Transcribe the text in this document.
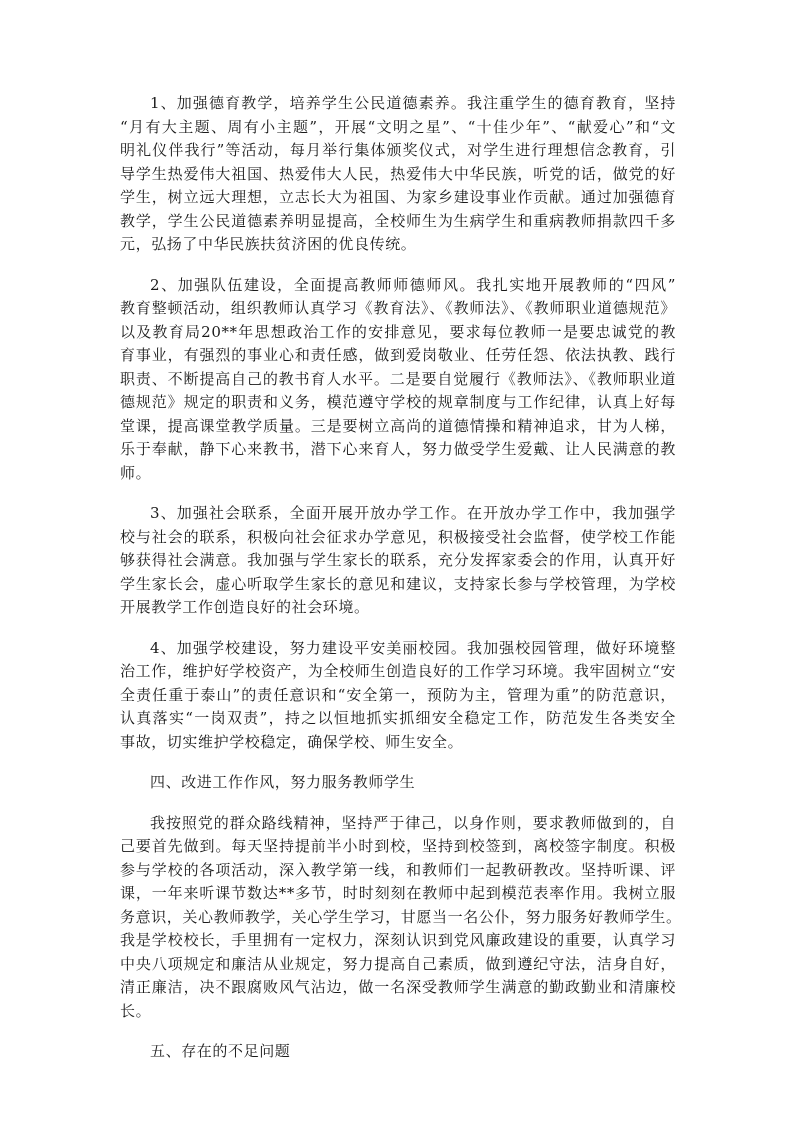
1、加强德育教学，培养学生公民道德素养。我注重学生的德育教育，坚持
“月有大主题、周有小主题”，开展“文明之星”、“十佳少年”、“献爱心”和“文
明礼仪伴我行”等活动，每月举行集体颁奖仪式，对学生进行理想信念教育，引
导学生热爱伟大祖国、热爱伟大人民，热爱伟大中华民族，听党的话，做党的好
学生，树立远大理想，立志长大为祖国、为家乡建设事业作贡献。通过加强德育
教学，学生公民道德素养明显提高，全校师生为生病学生和重病教师捐款四千多
元，弘扬了中华民族扶贫济困的优良传统。
2、加强队伍建设，全面提高教师师德师风。我扎实地开展教师的“四风”
教育整顿活动，组织教师认真学习《教育法》、《教师法》、《教师职业道德规范》
以及教育局20**年思想政治工作的安排意见，要求每位教师一是要忠诚党的教
育事业，有强烈的事业心和责任感，做到爱岗敬业、任劳任怨、依法执教、践行
职责、不断提高自己的教书育人水平。二是要自觉履行《教师法》、《教师职业道
德规范》规定的职责和义务，模范遵守学校的规章制度与工作纪律，认真上好每
堂课，提高课堂教学质量。三是要树立高尚的道德情操和精神追求，甘为人梯，
乐于奉献，静下心来教书，潜下心来育人，努力做受学生爱戴、让人民满意的教
师。
3、加强社会联系，全面开展开放办学工作。在开放办学工作中，我加强学
校与社会的联系，积极向社会征求办学意见，积极接受社会监督，使学校工作能
够获得社会满意。我加强与学生家长的联系，充分发挥家委会的作用，认真开好
学生家长会，虚心听取学生家长的意见和建议，支持家长参与学校管理，为学校
开展教学工作创造良好的社会环境。
4、加强学校建设，努力建设平安美丽校园。我加强校园管理，做好环境整
治工作，维护好学校资产，为全校师生创造良好的工作学习环境。我牢固树立“安
全责任重于泰山”的责任意识和“安全第一，预防为主，管理为重”的防范意识，
认真落实“一岗双责”，持之以恒地抓实抓细安全稳定工作，防范发生各类安全
事故，切实维护学校稳定，确保学校、师生安全。
四、改进工作作风，努力服务教师学生
我按照党的群众路线精神，坚持严于律己，以身作则，要求教师做到的，自
己要首先做到。每天坚持提前半小时到校，坚持到校签到，离校签字制度。积极
参与学校的各项活动，深入教学第一线，和教师们一起教研教改。坚持听课、评
课，一年来听课节数达**多节，时时刻刻在教师中起到模范表率作用。我树立服
务意识，关心教师教学，关心学生学习，甘愿当一名公仆，努力服务好教师学生。
我是学校校长，手里拥有一定权力，深刻认识到党风廉政建设的重要，认真学习
中央八项规定和廉洁从业规定，努力提高自己素质，做到遵纪守法，洁身自好，
清正廉洁，决不跟腐败风气沾边，做一名深受教师学生满意的勤政勤业和清廉校
长。
五、存在的不足问题
